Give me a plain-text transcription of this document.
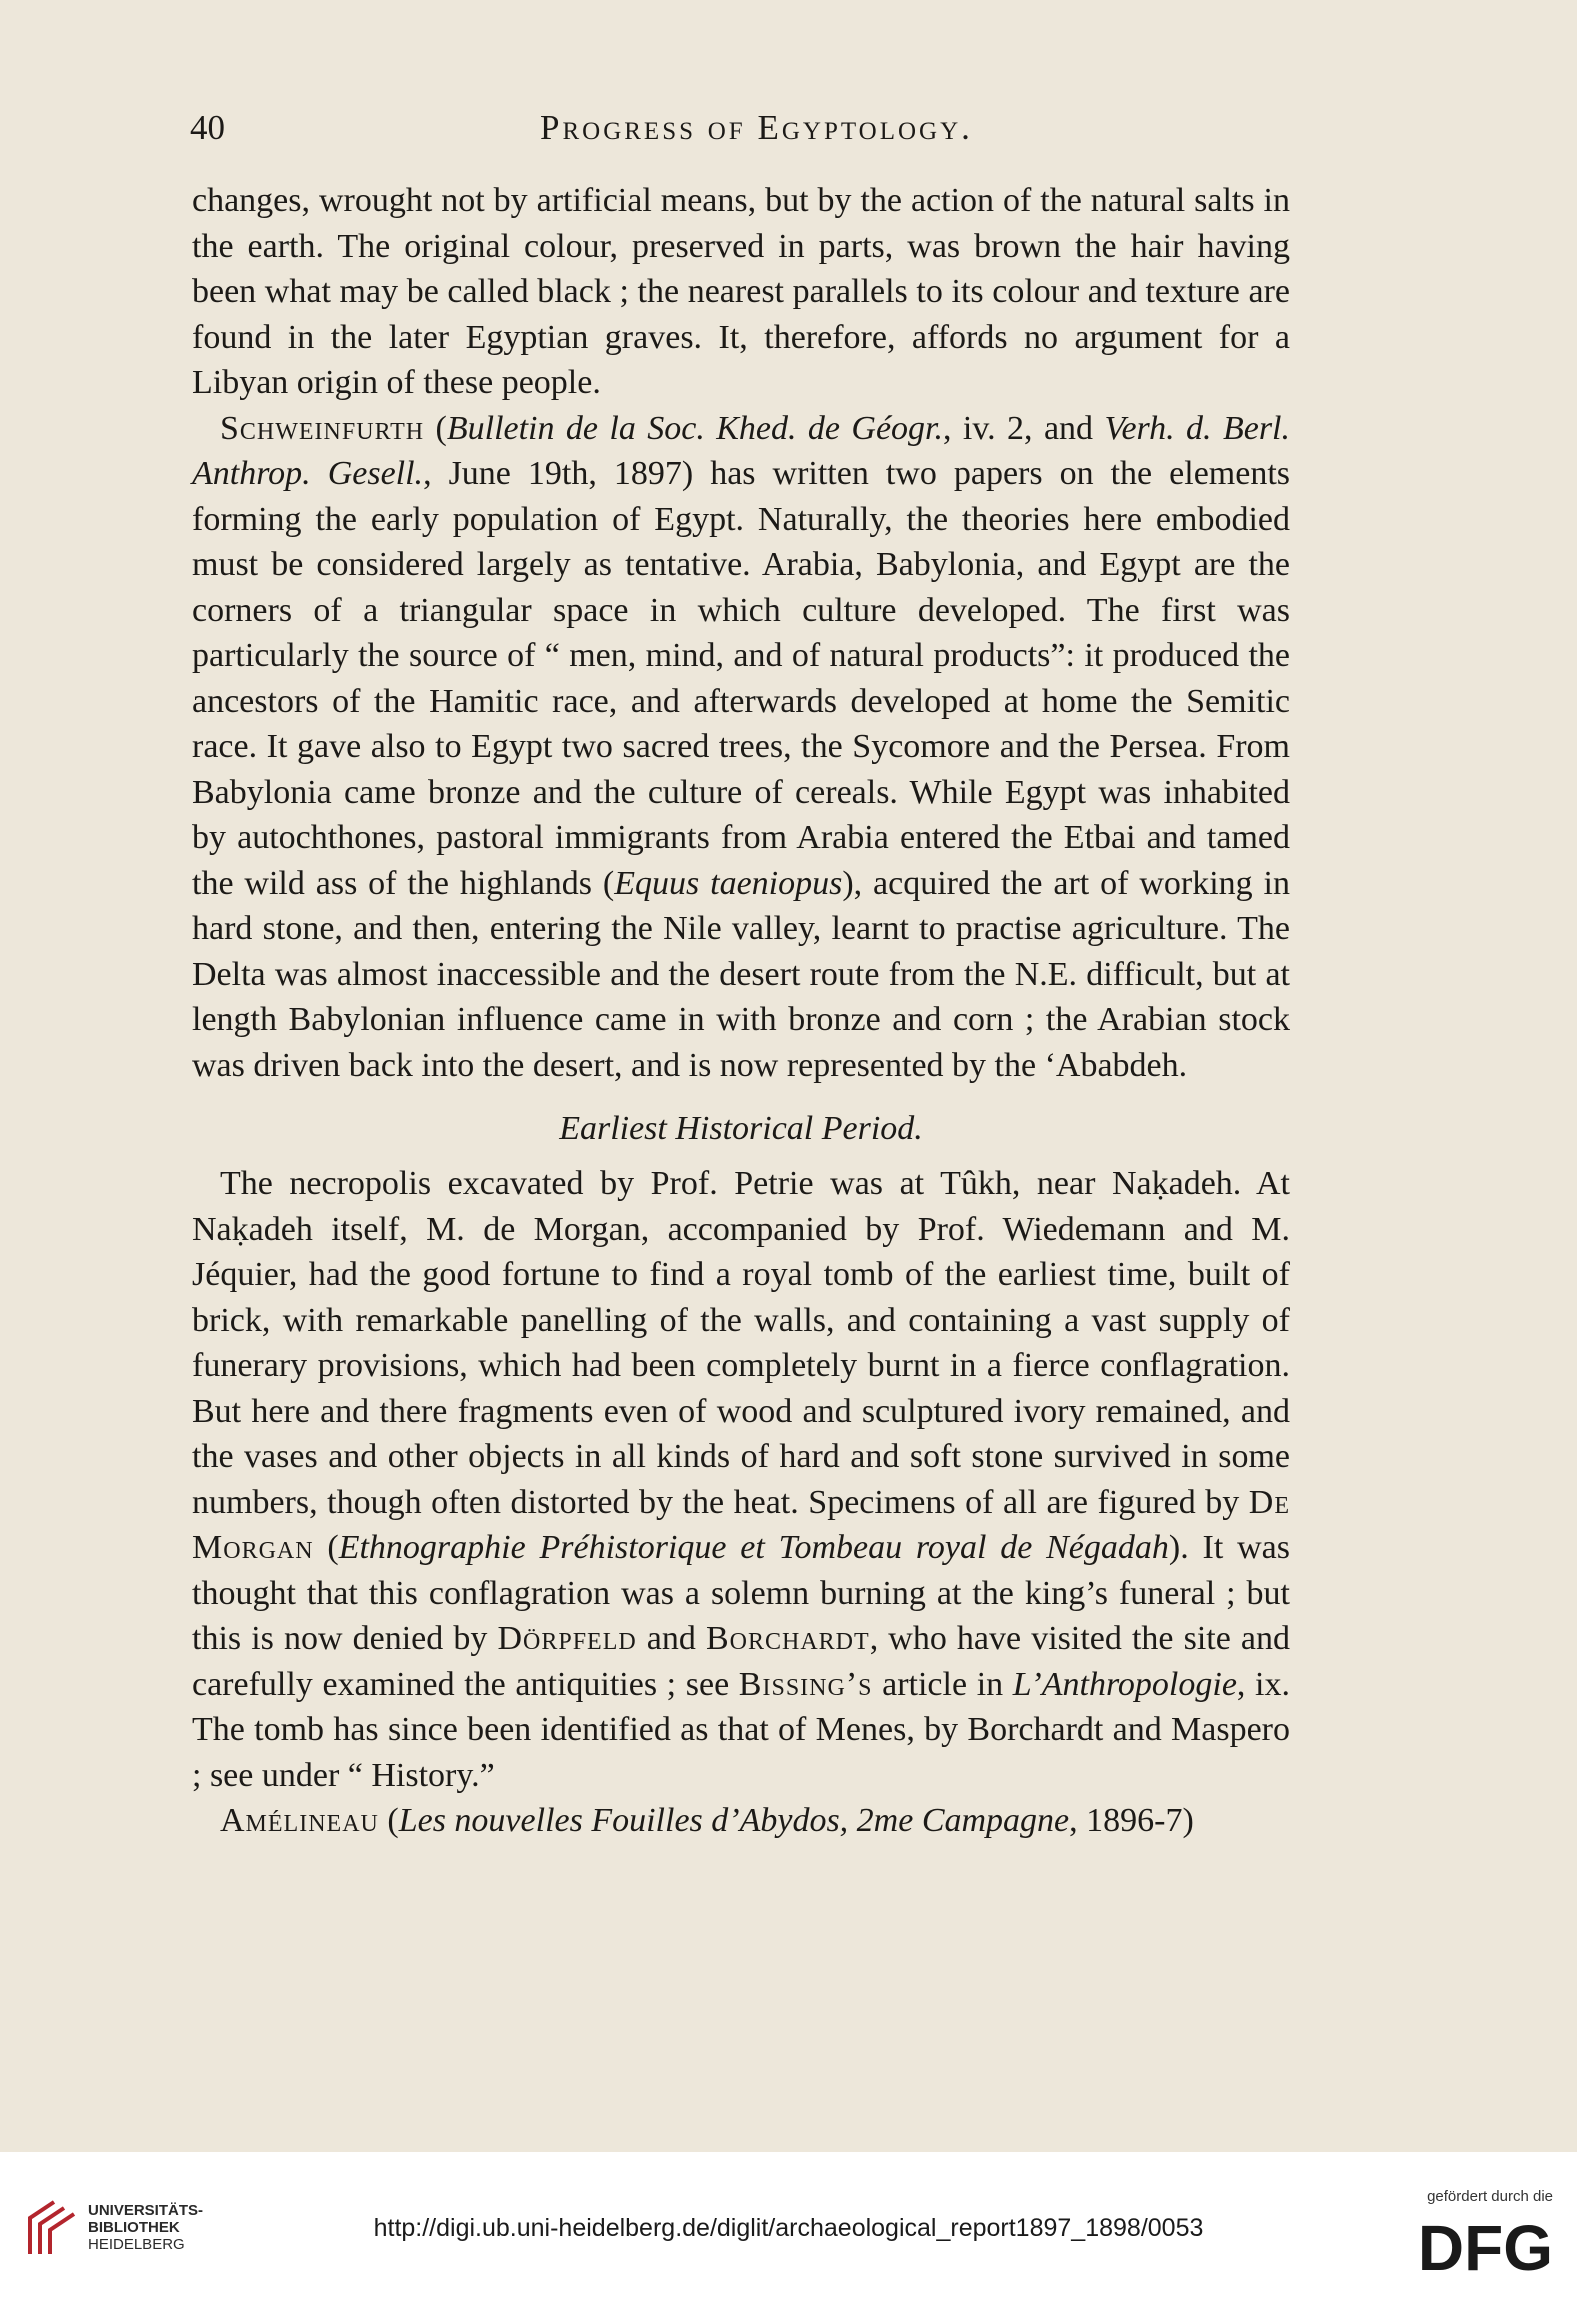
40	Progress of Egyptology.

changes, wrought not by artificial means, but by the action of the natural salts in the earth. The original colour, preserved in parts, was brown the hair having been what may be called black ; the nearest parallels to its colour and texture are found in the later Egyptian graves. It, therefore, affords no argument for a Libyan origin of these people.

Schweinfurth (Bulletin de la Soc. Khed. de Géogr., iv. 2, and Verh. d. Berl. Anthrop. Gesell., June 19th, 1897) has written two papers on the elements forming the early population of Egypt. Naturally, the theories here embodied must be considered largely as tentative. Arabia, Babylonia, and Egypt are the corners of a triangular space in which culture developed. The first was particularly the source of “ men, mind, and of natural products”: it produced the ancestors of the Hamitic race, and afterwards developed at home the Semitic race. It gave also to Egypt two sacred trees, the Sycomore and the Persea. From Babylonia came bronze and the culture of cereals. While Egypt was inhabited by autochthones, pastoral immigrants from Arabia entered the Etbai and tamed the wild ass of the highlands (Equus taeniopus), acquired the art of working in hard stone, and then, entering the Nile valley, learnt to practise agriculture. The Delta was almost inaccessible and the desert route from the N.E. difficult, but at length Babylonian influence came in with bronze and corn ; the Arabian stock was driven back into the desert, and is now represented by the ‘Ababdeh.

Earliest Historical Period.

The necropolis excavated by Prof. Petrie was at Tûkh, near Naḳadeh. At Naḳadeh itself, M. de Morgan, accompanied by Prof. Wiedemann and M. Jéquier, had the good fortune to find a royal tomb of the earliest time, built of brick, with remarkable panelling of the walls, and containing a vast supply of funerary provisions, which had been completely burnt in a fierce conflagration. But here and there fragments even of wood and sculptured ivory remained, and the vases and other objects in all kinds of hard and soft stone survived in some numbers, though often distorted by the heat. Specimens of all are figured by De Morgan (Ethnographie Préhistorique et Tombeau royal de Négadah). It was thought that this conflagration was a solemn burning at the king’s funeral ; but this is now denied by Dörpfeld and Borchardt, who have visited the site and carefully examined the antiquities ; see Bissing’s article in L’Anthropologie, ix. The tomb has since been identified as that of Menes, by Borchardt and Maspero ; see under “ History.”

Amélineau (Les nouvelles Fouilles d’Abydos, 2me Campagne, 1896-7)

UNIVERSITÄTS-
BIBLIOTHEK
HEIDELBERG
http://digi.ub.uni-heidelberg.de/diglit/archaeological_report1897_1898/0053
gefördert durch die
DFG
